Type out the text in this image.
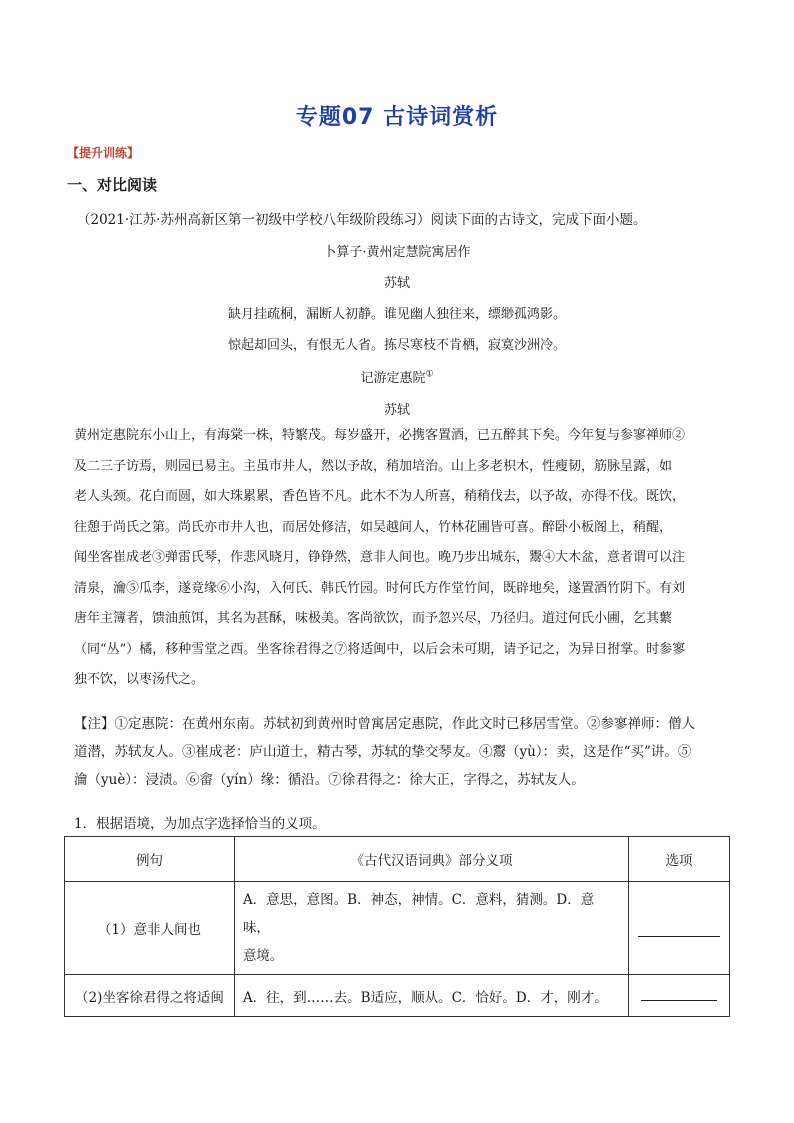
专题07 古诗词赏析
【提升训练】
一、对比阅读
（2021·江苏·苏州高新区第一初级中学校八年级阶段练习）阅读下面的古诗文，完成下面小题。
卜算子·黄州定慧院寓居作
苏轼
缺月挂疏桐，漏断人初静。谁见幽人独往来，缥缈孤鸿影。
惊起却回头，有恨无人省。拣尽寒枝不肯栖，寂寞沙洲冷。
记游定惠院①
苏轼
黄州定惠院东小山上，有海棠一株，特繁茂。每岁盛开，必携客置酒，已五醉其下矣。今年复与参寥禅师②
及二三子访焉，则园已易主。主虽市井人，然以予故，稍加培治。山上多老枳木，性瘦韧，筋脉呈露，如
老人头颈。花白而圆，如大珠累累，香色皆不凡。此木不为人所喜，稍稍伐去，以予故，亦得不伐。既饮，
往憩于尚氏之第。尚氏亦市井人也，而居处修洁，如吴越间人，竹林花圃皆可喜。醉卧小板阁上，稍醒，
闻坐客崔成老③弹雷氏琴，作悲风晓月，铮铮然，意非人间也。晚乃步出城东，鬻④大木盆，意者谓可以注
清泉，瀹⑤瓜李，遂竟缘⑥小沟，入何氏、韩氏竹园。时何氏方作堂竹间，既辟地矣，遂置酒竹阴下。有刘
唐年主簿者，馈油煎饵，其名为甚酥，味极美。客尚欲饮，而予忽兴尽，乃径归。道过何氏小圃，乞其蘩
（同“丛”）橘，移种雪堂之西。坐客徐君得之⑦将适闽中，以后会未可期，请予记之，为异日拊掌。时参寥
独不饮，以枣汤代之。
【注】①定惠院：在黄州东南。苏轼初到黄州时曾寓居定惠院，作此文时已移居雪堂。②参寥禅师：僧人
道潜，苏轼友人。③崔成老：庐山道士，精古琴，苏轼的挚交琴友。④鬻（yù）：卖，这是作“买”讲。⑤
瀹（yuè）：浸渍。⑥畲（yín）缘：循沿。⑦徐君得之：徐大正，字得之，苏轼友人。
1．根据语境，为加点字选择恰当的义项。
例句	《古代汉语词典》部分义项	选项
（1）意非人间也	A．意思，意图。B．神态，神情。C．意料，猜测。D．意味，
意境。	

（2)坐客徐君得之将适闽	A．往，到……去。B适应，顺从。C．恰好。D．才，刚才。	
